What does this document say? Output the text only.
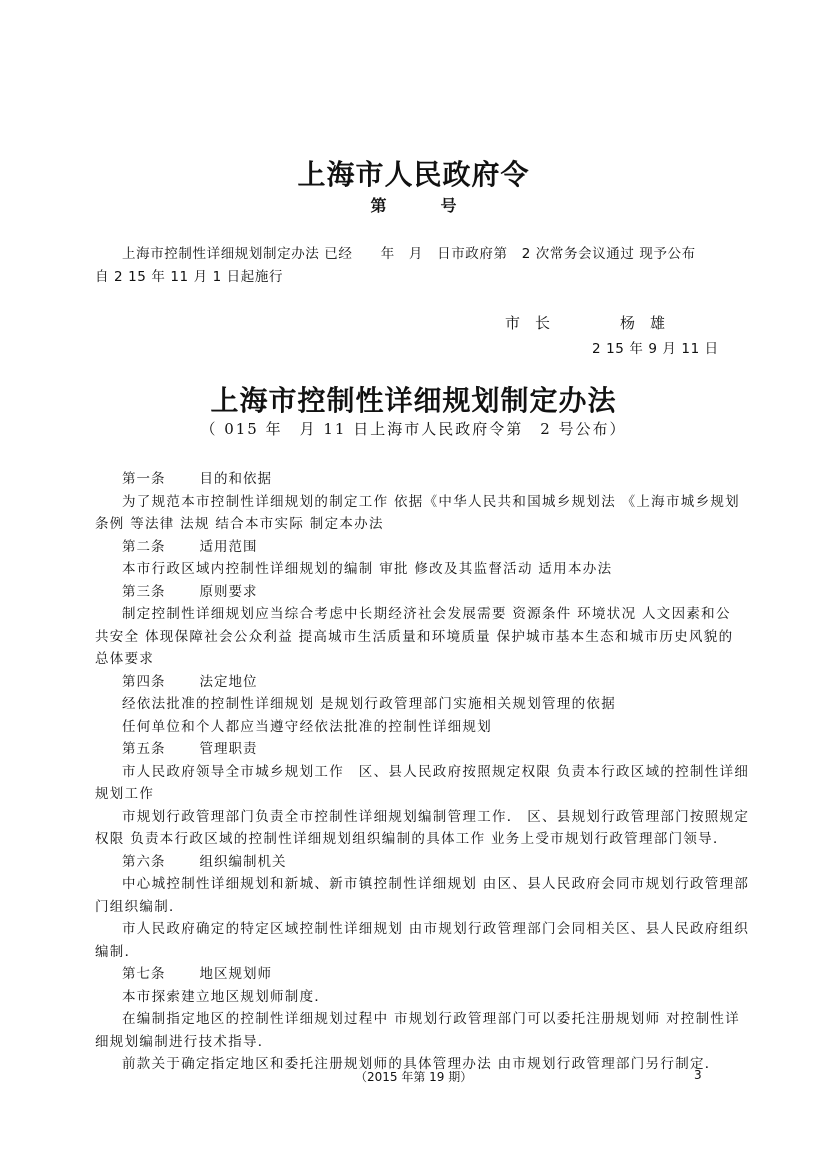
上海市人民政府令
第	号
上海市控制性详细规划制定办法 已经　　年　月　日市政府第　2 次常务会议通过 现予公布
自 2 15 年 11 月 1 日起施行
市　长	杨　雄
2 15 年 9 月 11 日
上海市控制性详细规划制定办法
（ 015 年　月 11 日上海市人民政府令第　2 号公布）
第一条	目的和依据
为了规范本市控制性详细规划的制定工作 依据《中华人民共和国城乡规划法 《上海市城乡规划
条例 等法律 法规 结合本市实际 制定本办法
第二条	适用范围
本市行政区域内控制性详细规划的编制 审批 修改及其监督活动 适用本办法
第三条	原则要求
制定控制性详细规划应当综合考虑中长期经济社会发展需要 资源条件 环境状况 人文因素和公
共安全 体现保障社会公众利益 提高城市生活质量和环境质量 保护城市基本生态和城市历史风貌的
总体要求
第四条	法定地位
经依法批准的控制性详细规划 是规划行政管理部门实施相关规划管理的依据
任何单位和个人都应当遵守经依法批准的控制性详细规划
第五条	管理职责
市人民政府领导全市城乡规划工作　区、县人民政府按照规定权限 负责本行政区域的控制性详细
规划工作
市规划行政管理部门负责全市控制性详细规划编制管理工作． 区、县规划行政管理部门按照规定
权限 负责本行政区域的控制性详细规划组织编制的具体工作 业务上受市规划行政管理部门领导．
第六条	组织编制机关
中心城控制性详细规划和新城、新市镇控制性详细规划 由区、县人民政府会同市规划行政管理部
门组织编制．
市人民政府确定的特定区域控制性详细规划 由市规划行政管理部门会同相关区、县人民政府组织
编制．
第七条	地区规划师
本市探索建立地区规划师制度．
在编制指定地区的控制性详细规划过程中 市规划行政管理部门可以委托注册规划师 对控制性详
细规划编制进行技术指导．
前款关于确定指定地区和委托注册规划师的具体管理办法 由市规划行政管理部门另行制定．
（2015 年第 19 期）	3
